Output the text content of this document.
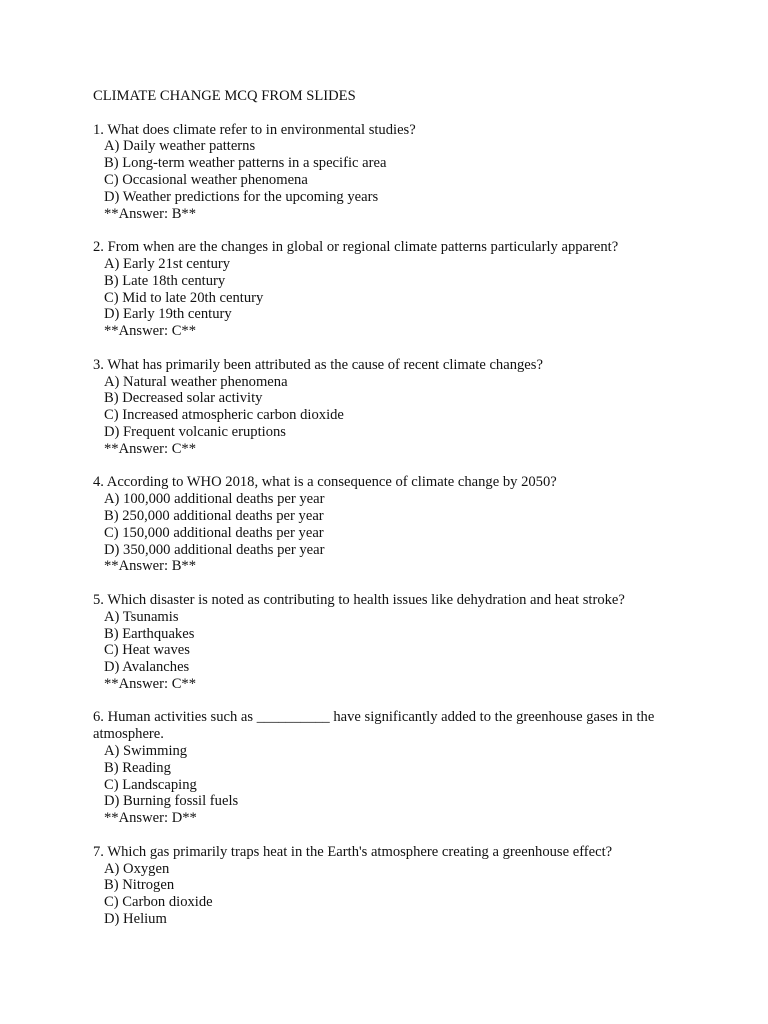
CLIMATE CHANGE MCQ FROM SLIDES

1. What does climate refer to in environmental studies?

A) Daily weather patterns

B) Long-term weather patterns in a specific area

C) Occasional weather phenomena

D) Weather predictions for the upcoming years

**Answer: B**

2. From when are the changes in global or regional climate patterns particularly apparent?

A) Early 21st century

B) Late 18th century

C) Mid to late 20th century

D) Early 19th century

**Answer: C**

3. What has primarily been attributed as the cause of recent climate changes?

A) Natural weather phenomena

B) Decreased solar activity

C) Increased atmospheric carbon dioxide

D) Frequent volcanic eruptions

**Answer: C**

4. According to WHO 2018, what is a consequence of climate change by 2050?

A) 100,000 additional deaths per year

B) 250,000 additional deaths per year

C) 150,000 additional deaths per year

D) 350,000 additional deaths per year

**Answer: B**

5. Which disaster is noted as contributing to health issues like dehydration and heat stroke?

A) Tsunamis

B) Earthquakes

C) Heat waves

D) Avalanches

**Answer: C**

6. Human activities such as __________ have significantly added to the greenhouse gases in the atmosphere.

A) Swimming

B) Reading

C) Landscaping

D) Burning fossil fuels

**Answer: D**

7. Which gas primarily traps heat in the Earth's atmosphere creating a greenhouse effect?

A) Oxygen

B) Nitrogen

C) Carbon dioxide

D) Helium
